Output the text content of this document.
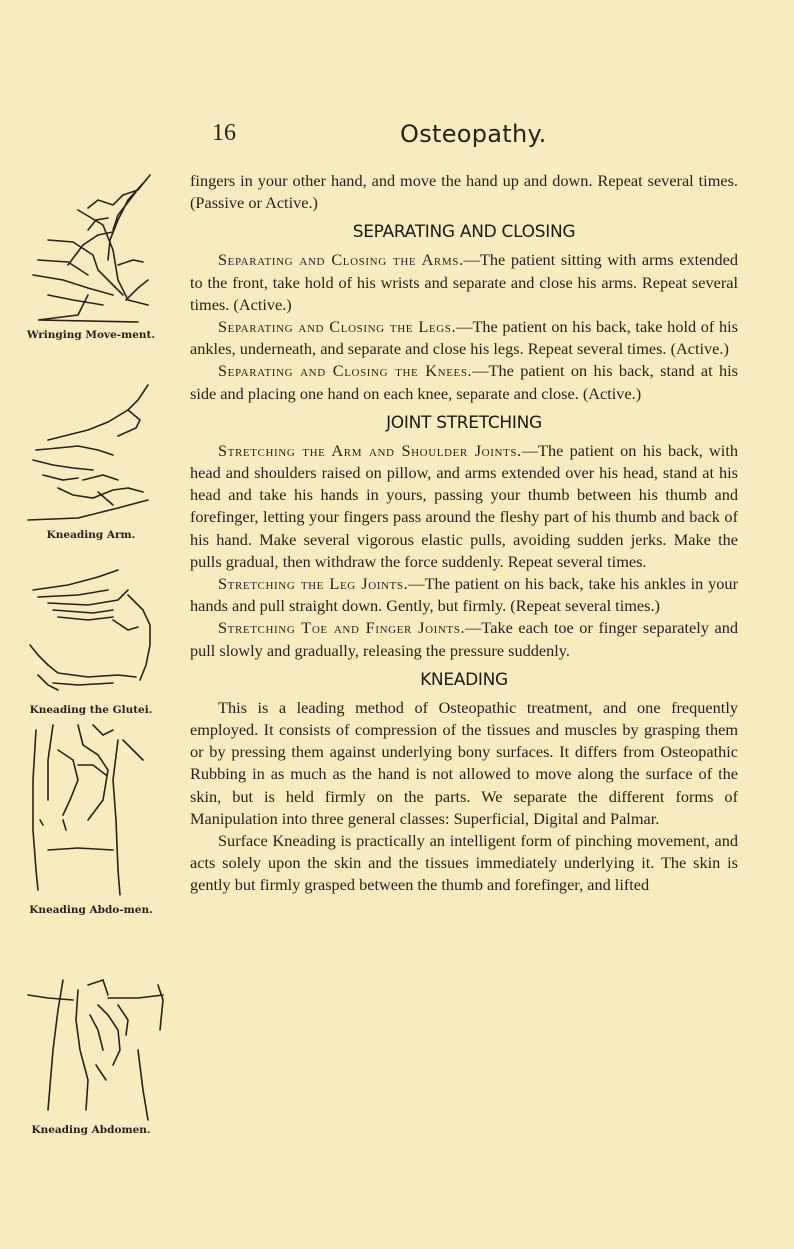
16	Osteopathy.
Wringing Move-ment.
Kneading Arm.
Kneading the Glutei.
Kneading Abdo-men.
Kneading Abdomen.

fingers in your other hand, and move the hand up and down. Repeat several times. (Passive or Active.)

SEPARATING AND CLOSING

Separating and Closing the Arms.—The patient sitting with arms extended to the front, take hold of his wrists and separate and close his arms. Repeat several times. (Active.)

Separating and Closing the Legs.—The patient on his back, take hold of his ankles, underneath, and separate and close his legs. Repeat several times. (Active.)

Separating and Closing the Knees.—The patient on his back, stand at his side and placing one hand on each knee, separate and close. (Active.)

JOINT STRETCHING

Stretching the Arm and Shoulder Joints.—The patient on his back, with head and shoulders raised on pillow, and arms extended over his head, stand at his head and take his hands in yours, passing your thumb between his thumb and forefinger, letting your fingers pass around the fleshy part of his thumb and back of his hand. Make several vigorous elastic pulls, avoiding sudden jerks. Make the pulls gradual, then withdraw the force suddenly. Repeat several times.

Stretching the Leg Joints.—The patient on his back, take his ankles in your hands and pull straight down. Gently, but firmly. (Repeat several times.)

Stretching Toe and Finger Joints.—Take each toe or finger separately and pull slowly and gradually, releasing the pressure suddenly.

KNEADING

This is a leading method of Osteopathic treatment, and one frequently employed. It consists of compression of the tissues and muscles by grasping them or by pressing them against underlying bony surfaces. It differs from Osteopathic Rubbing in as much as the hand is not allowed to move along the surface of the skin, but is held firmly on the parts. We separate the different forms of Manipulation into three general classes: Superficial, Digital and Palmar.

Surface Kneading is practically an intelligent form of pinching movement, and acts solely upon the skin and the tissues immediately underlying it. The skin is gently but firmly grasped between the thumb and forefinger, and lifted
